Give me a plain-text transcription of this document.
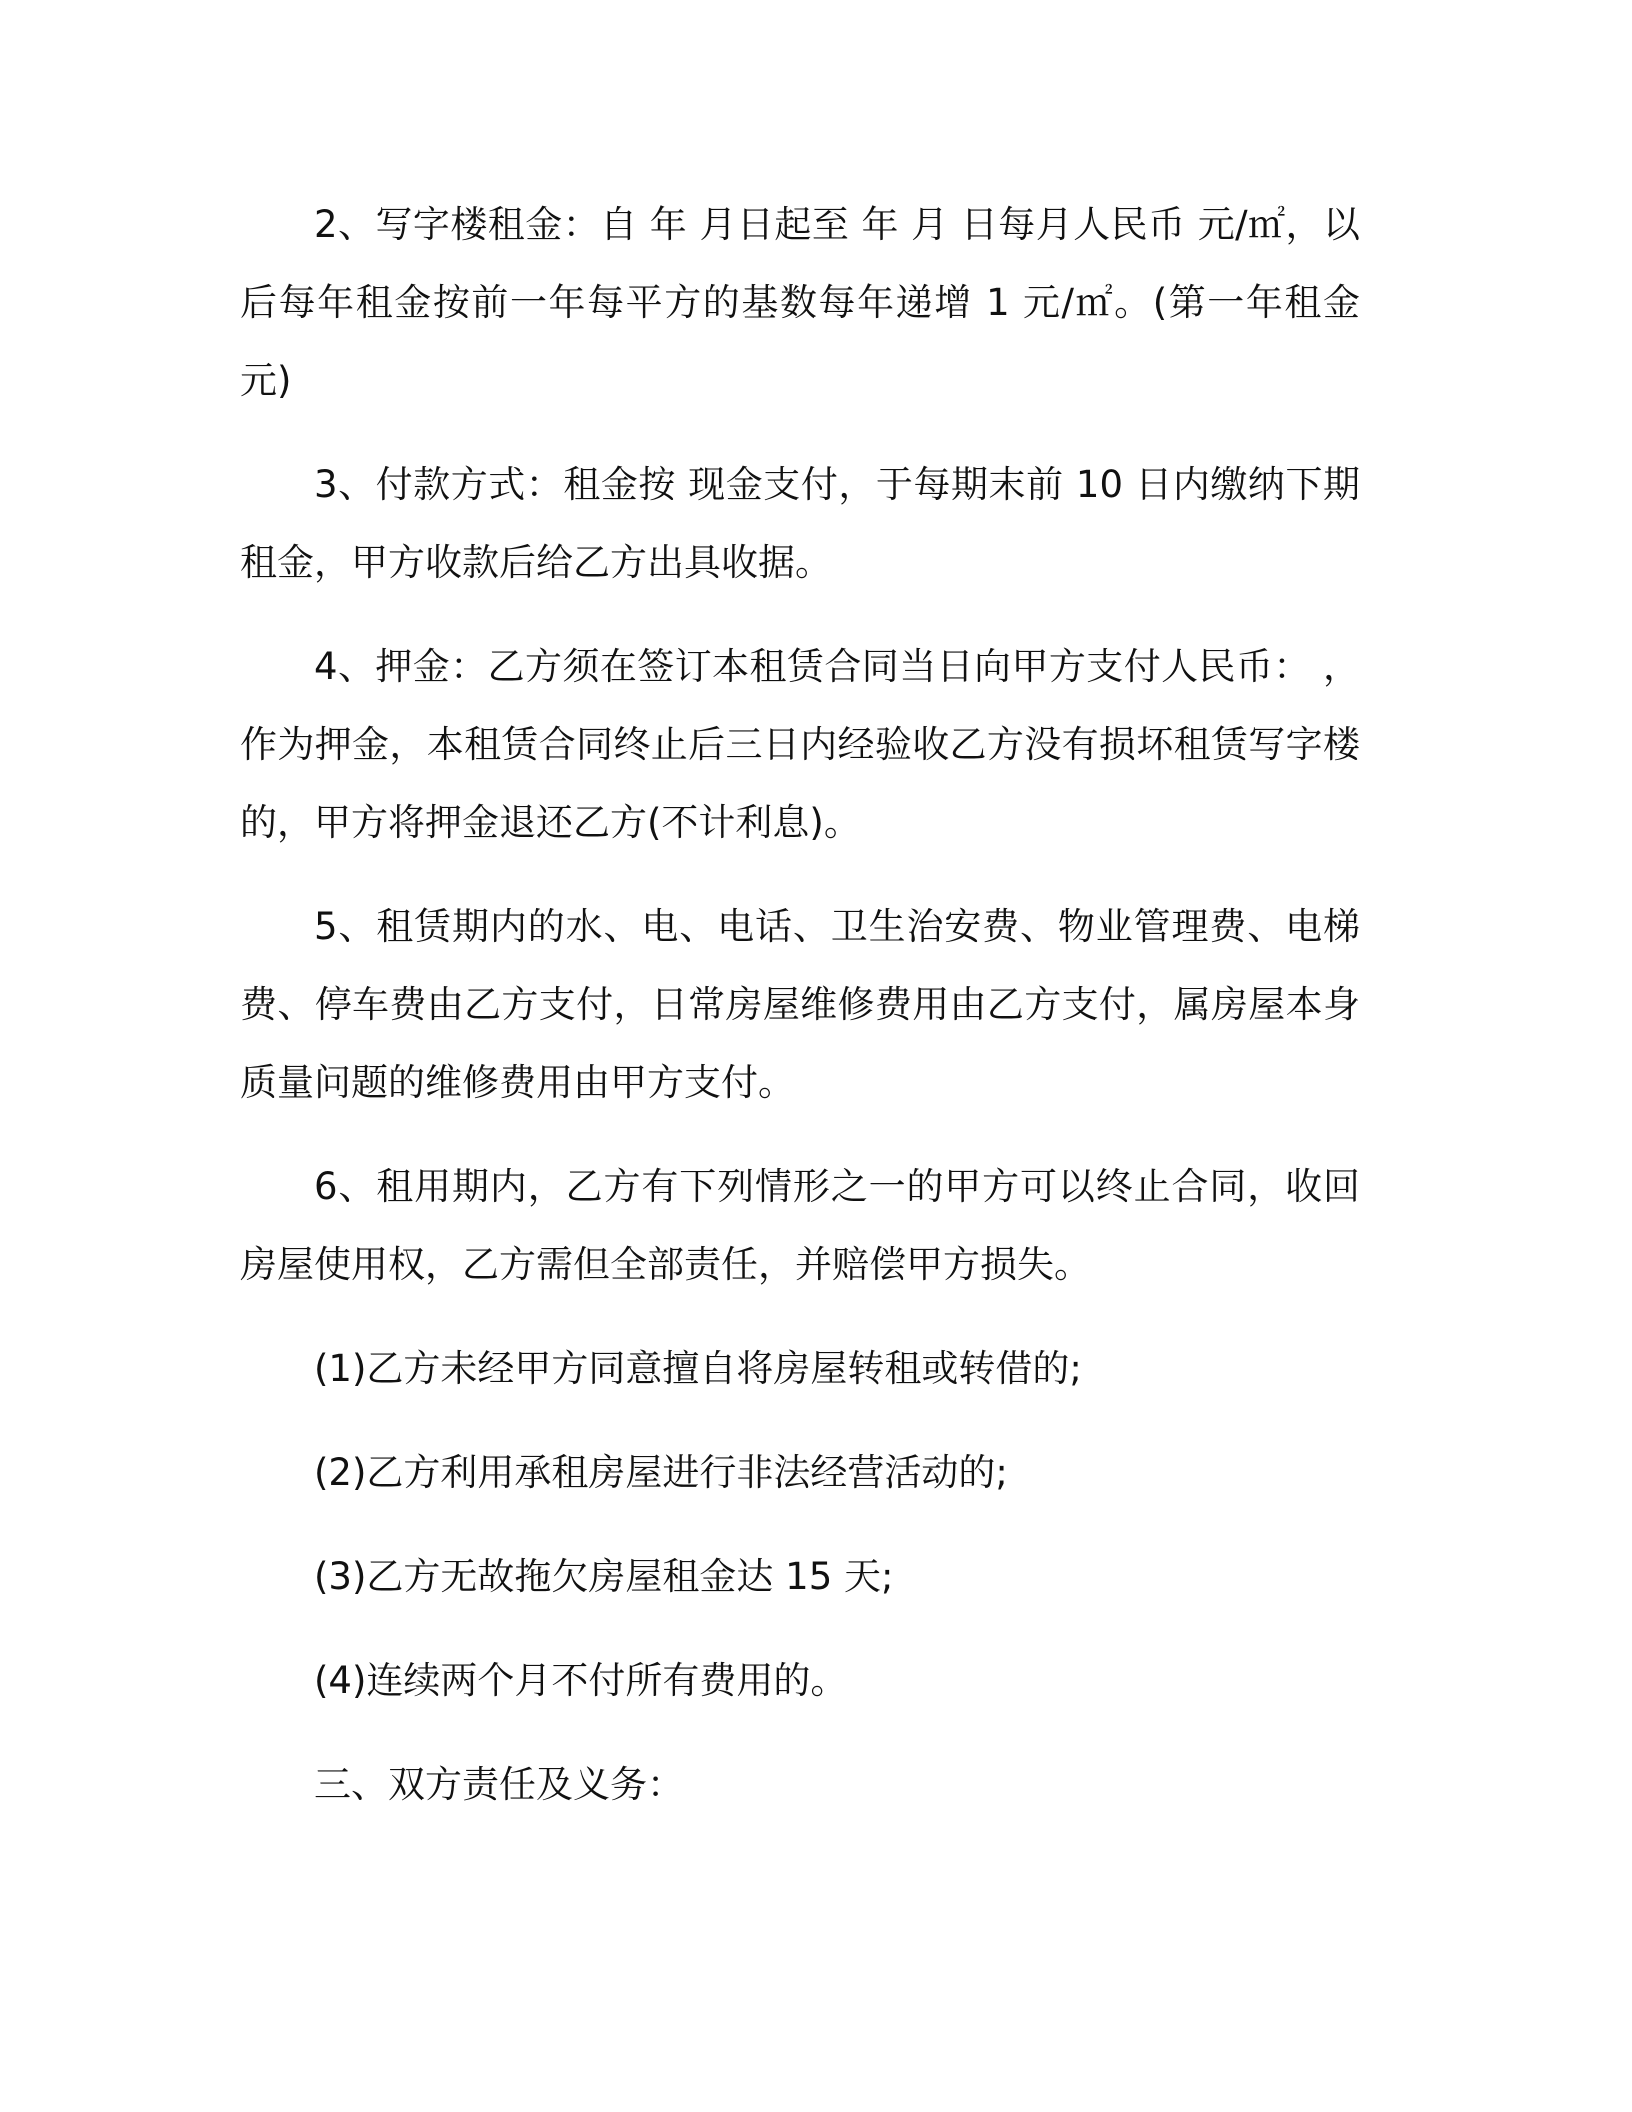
2、写字楼租金：自 年 月日起至 年 月 日每月人民币 元/㎡，以后每年租金按前一年每平方的基数每年递增 1 元/㎡。(第一年租金元)

3、付款方式：租金按 现金支付，于每期末前 10 日内缴纳下期租金，甲方收款后给乙方出具收据。

4、押金：乙方须在签订本租赁合同当日向甲方支付人民币： ，作为押金，本租赁合同终止后三日内经验收乙方没有损坏租赁写字楼的，甲方将押金退还乙方(不计利息)。

5、租赁期内的水、电、电话、卫生治安费、物业管理费、电梯费、停车费由乙方支付，日常房屋维修费用由乙方支付，属房屋本身质量问题的维修费用由甲方支付。

6、租用期内，乙方有下列情形之一的甲方可以终止合同，收回房屋使用权，乙方需但全部责任，并赔偿甲方损失。

(1)乙方未经甲方同意擅自将房屋转租或转借的;

(2)乙方利用承租房屋进行非法经营活动的;

(3)乙方无故拖欠房屋租金达 15 天;

(4)连续两个月不付所有费用的。

三、双方责任及义务：
